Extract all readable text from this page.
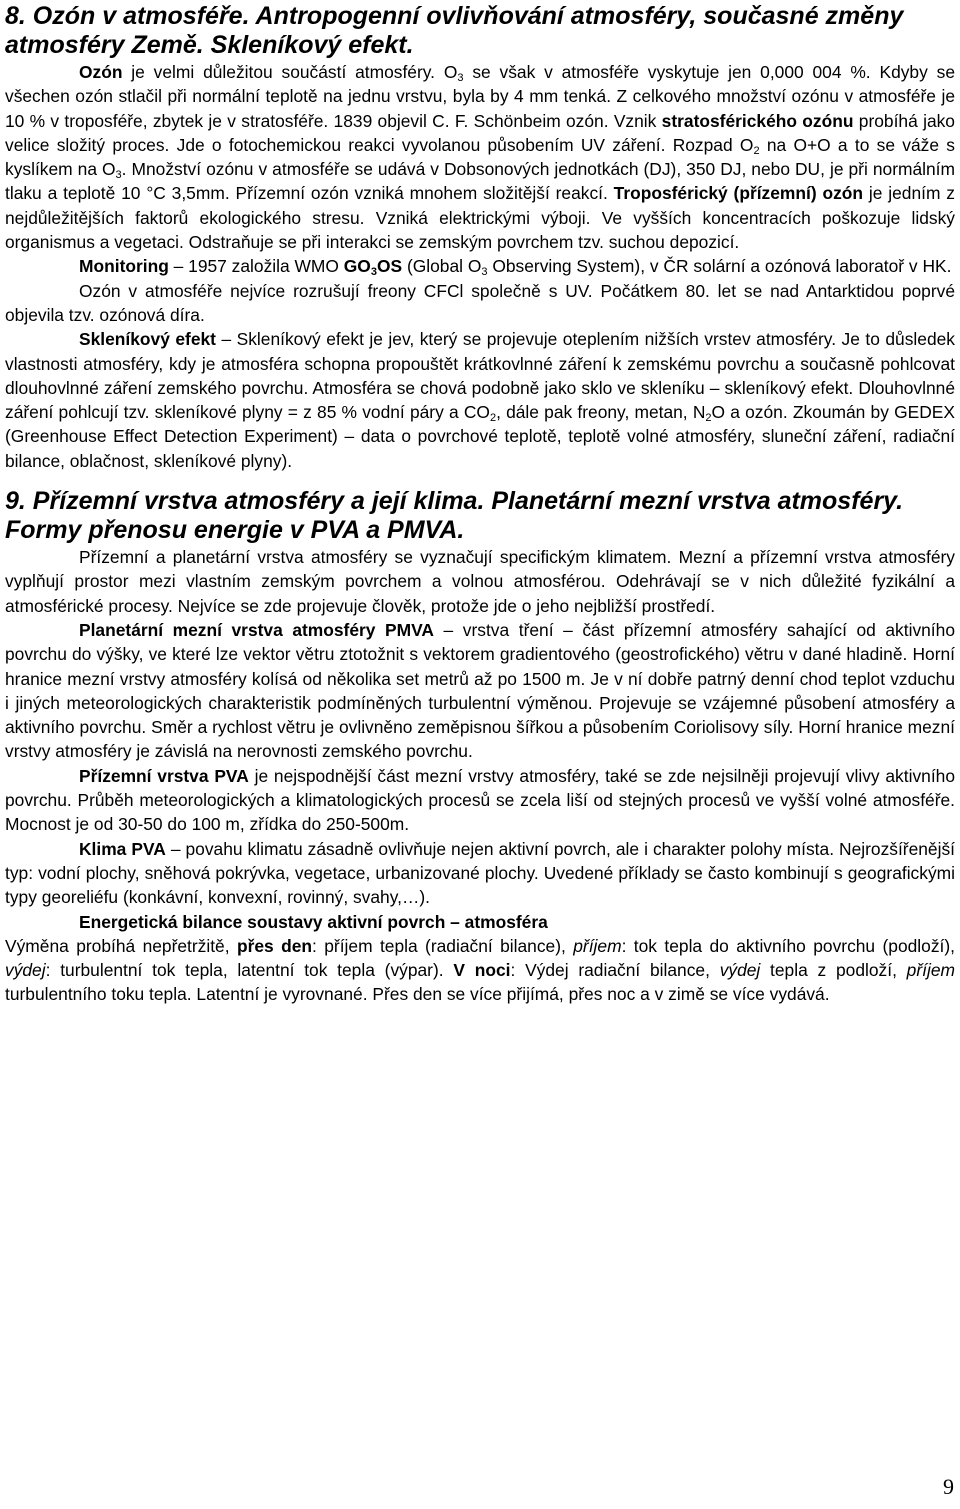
8. Ozón v atmosféře. Antropogenní ovlivňování atmosféry, současné změny atmosféry Země. Skleníkový efekt.

Ozón je velmi důležitou součástí atmosféry. $O_3$ se však v atmosféře vyskytuje jen 0,000 004 %. Kdyby se všechen ozón stlačil při normální teplotě na jednu vrstvu, byla by 4 mm tenká. Z celkového množství ozónu v atmosféře je 10 % v troposféře, zbytek je v stratosféře. 1839 objevil C. F. Schönbeim ozón. Vznik stratosférického ozónu probíhá jako velice složitý proces. Jde o fotochemickou reakci vyvolanou působením UV záření. Rozpad $O_2$ na O+O a to se váže s kyslíkem na $O_3$. Množství ozónu v atmosféře se udává v Dobsonových jednotkách (DJ), 350 DJ, nebo DU, je při normálním tlaku a teplotě 10 °C 3,5mm. Přízemní ozón vzniká mnohem složitější reakcí. Troposférický (přízemní) ozón je jedním z nejdůležitějších faktorů ekologického stresu. Vzniká elektrickými výboji. Ve vyšších koncentracích poškozuje lidský organismus a vegetaci. Odstraňuje se při interakci se zemským povrchem tzv. suchou depozicí.

Monitoring – 1957 založila WMO $GO_3OS$ (Global $O_3$ Observing System), v ČR solární a ozónová laboratoř v HK.

Ozón v atmosféře nejvíce rozrušují freony CFCl společně s UV. Počátkem 80. let se nad Antarktidou poprvé objevila tzv. ozónová díra.

Skleníkový efekt – Skleníkový efekt je jev, který se projevuje oteplením nižších vrstev atmosféry. Je to důsledek vlastnosti atmosféry, kdy je atmosféra schopna propouštět krátkovlnné záření k zemskému povrchu a současně pohlcovat dlouhovlnné záření zemského povrchu. Atmosféra se chová podobně jako sklo ve skleníku – skleníkový efekt. Dlouhovlnné záření pohlcují tzv. skleníkové plyny = z 85 % vodní páry a $CO_2$, dále pak freony, metan, $N_2O$ a ozón. Zkoumán by GEDEX (Greenhouse Effect Detection Experiment) – data o povrchové teplotě, teplotě volné atmosféry, sluneční záření, radiační bilance, oblačnost, skleníkové plyny).

9. Přízemní vrstva atmosféry a její klima. Planetární mezní vrstva atmosféry. Formy přenosu energie v PVA a PMVA.

Přízemní a planetární vrstva atmosféry se vyznačují specifickým klimatem. Mezní a přízemní vrstva atmosféry vyplňují prostor mezi vlastním zemským povrchem a volnou atmosférou. Odehrávají se v nich důležité fyzikální a atmosférické procesy. Nejvíce se zde projevuje člověk, protože jde o jeho nejbližší prostředí.

Planetární mezní vrstva atmosféry PMVA – vrstva tření – část přízemní atmosféry sahající od aktivního povrchu do výšky, ve které lze vektor větru ztotožnit s vektorem gradientového (geostrofického) větru v dané hladině. Horní hranice mezní vrstvy atmosféry kolísá od několika set metrů až po 1500 m. Je v ní dobře patrný denní chod teplot vzduchu i jiných meteorologických charakteristik podmíněných turbulentní výměnou. Projevuje se vzájemné působení atmosféry a aktivního povrchu. Směr a rychlost větru je ovlivněno zeměpisnou šířkou a působením Coriolisovy síly. Horní hranice mezní vrstvy atmosféry je závislá na nerovnosti zemského povrchu.

Přízemní vrstva PVA je nejspodnější část mezní vrstvy atmosféry, také se zde nejsilněji projevují vlivy aktivního povrchu. Průběh meteorologických a klimatologických procesů se zcela liší od stejných procesů ve vyšší volné atmosféře. Mocnost je od 30-50 do 100 m, zřídka do 250-500m.

Klima PVA – povahu klimatu zásadně ovlivňuje nejen aktivní povrch, ale i charakter polohy místa. Nejrozšířenější typ: vodní plochy, sněhová pokrývka, vegetace, urbanizované plochy. Uvedené příklady se často kombinují s geografickými typy georeliéfu (konkávní, konvexní, rovinný, svahy,…).

Energetická bilance soustavy aktivní povrch – atmosféra

Výměna probíhá nepřetržitě, přes den: příjem tepla (radiační bilance), příjem: tok tepla do aktivního povrchu (podloží), výdej: turbulentní tok tepla, latentní tok tepla (výpar). V noci: Výdej radiační bilance, výdej tepla z podloží, příjem turbulentního toku tepla. Latentní je vyrovnané. Přes den se více přijímá, přes noc a v zimě se více vydává.

9
